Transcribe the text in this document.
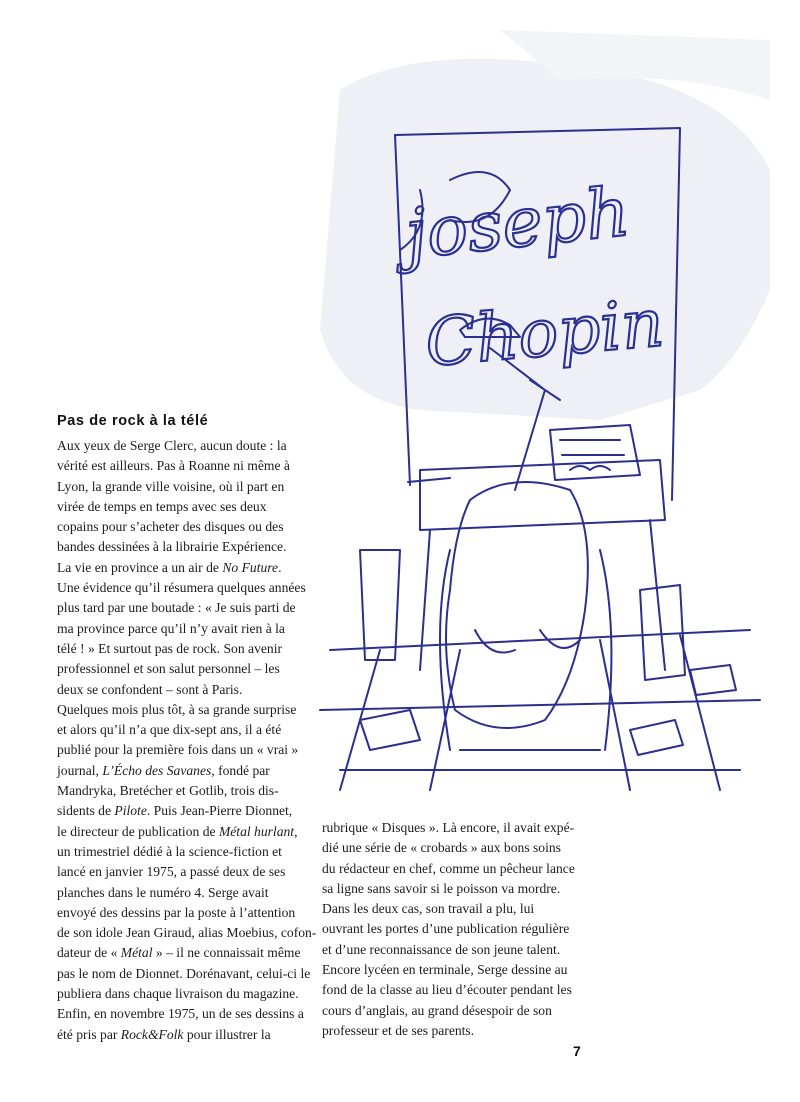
joseph
Chopin
Pas de rock à la télé
Aux yeux de Serge Clerc, aucun doute : la
vérité est ailleurs. Pas à Roanne ni même à
Lyon, la grande ville voisine, où il part en
virée de temps en temps avec ses deux
copains pour s’acheter des disques ou des
bandes dessinées à la librairie Expérience.
La vie en province a un air de No Future.
Une évidence qu’il résumera quelques années
plus tard par une boutade : « Je suis parti de
ma province parce qu’il n’y avait rien à la
télé ! » Et surtout pas de rock. Son avenir
professionnel et son salut personnel – les
deux se confondent – sont à Paris.
Quelques mois plus tôt, à sa grande surprise
et alors qu’il n’a que dix-sept ans, il a été
publié pour la première fois dans un « vrai »
journal, L’Écho des Savanes, fondé par
Mandryka, Bretécher et Gotlib, trois dis-
sidents de Pilote. Puis Jean-Pierre Dionnet,
le directeur de publication de Métal hurlant,
un trimestriel dédié à la science-fiction et
lancé en janvier 1975, a passé deux de ses
planches dans le numéro 4. Serge avait
envoyé des dessins par la poste à l’attention
de son idole Jean Giraud, alias Moebius, cofon-
dateur de « Métal » – il ne connaissait même
pas le nom de Dionnet. Dorénavant, celui-ci le
publiera dans chaque livraison du magazine.
Enfin, en novembre 1975, un de ses dessins a
été pris par Rock&Folk pour illustrer la
rubrique « Disques ». Là encore, il avait expé-
dié une série de « crobards » aux bons soins
du rédacteur en chef, comme un pêcheur lance
sa ligne sans savoir si le poisson va mordre.
Dans les deux cas, son travail a plu, lui
ouvrant les portes d’une publication régulière
et d’une reconnaissance de son jeune talent.
Encore lycéen en terminale, Serge dessine au
fond de la classe au lieu d’écouter pendant les
cours d’anglais, au grand désespoir de son
professeur et de ses parents.
7
